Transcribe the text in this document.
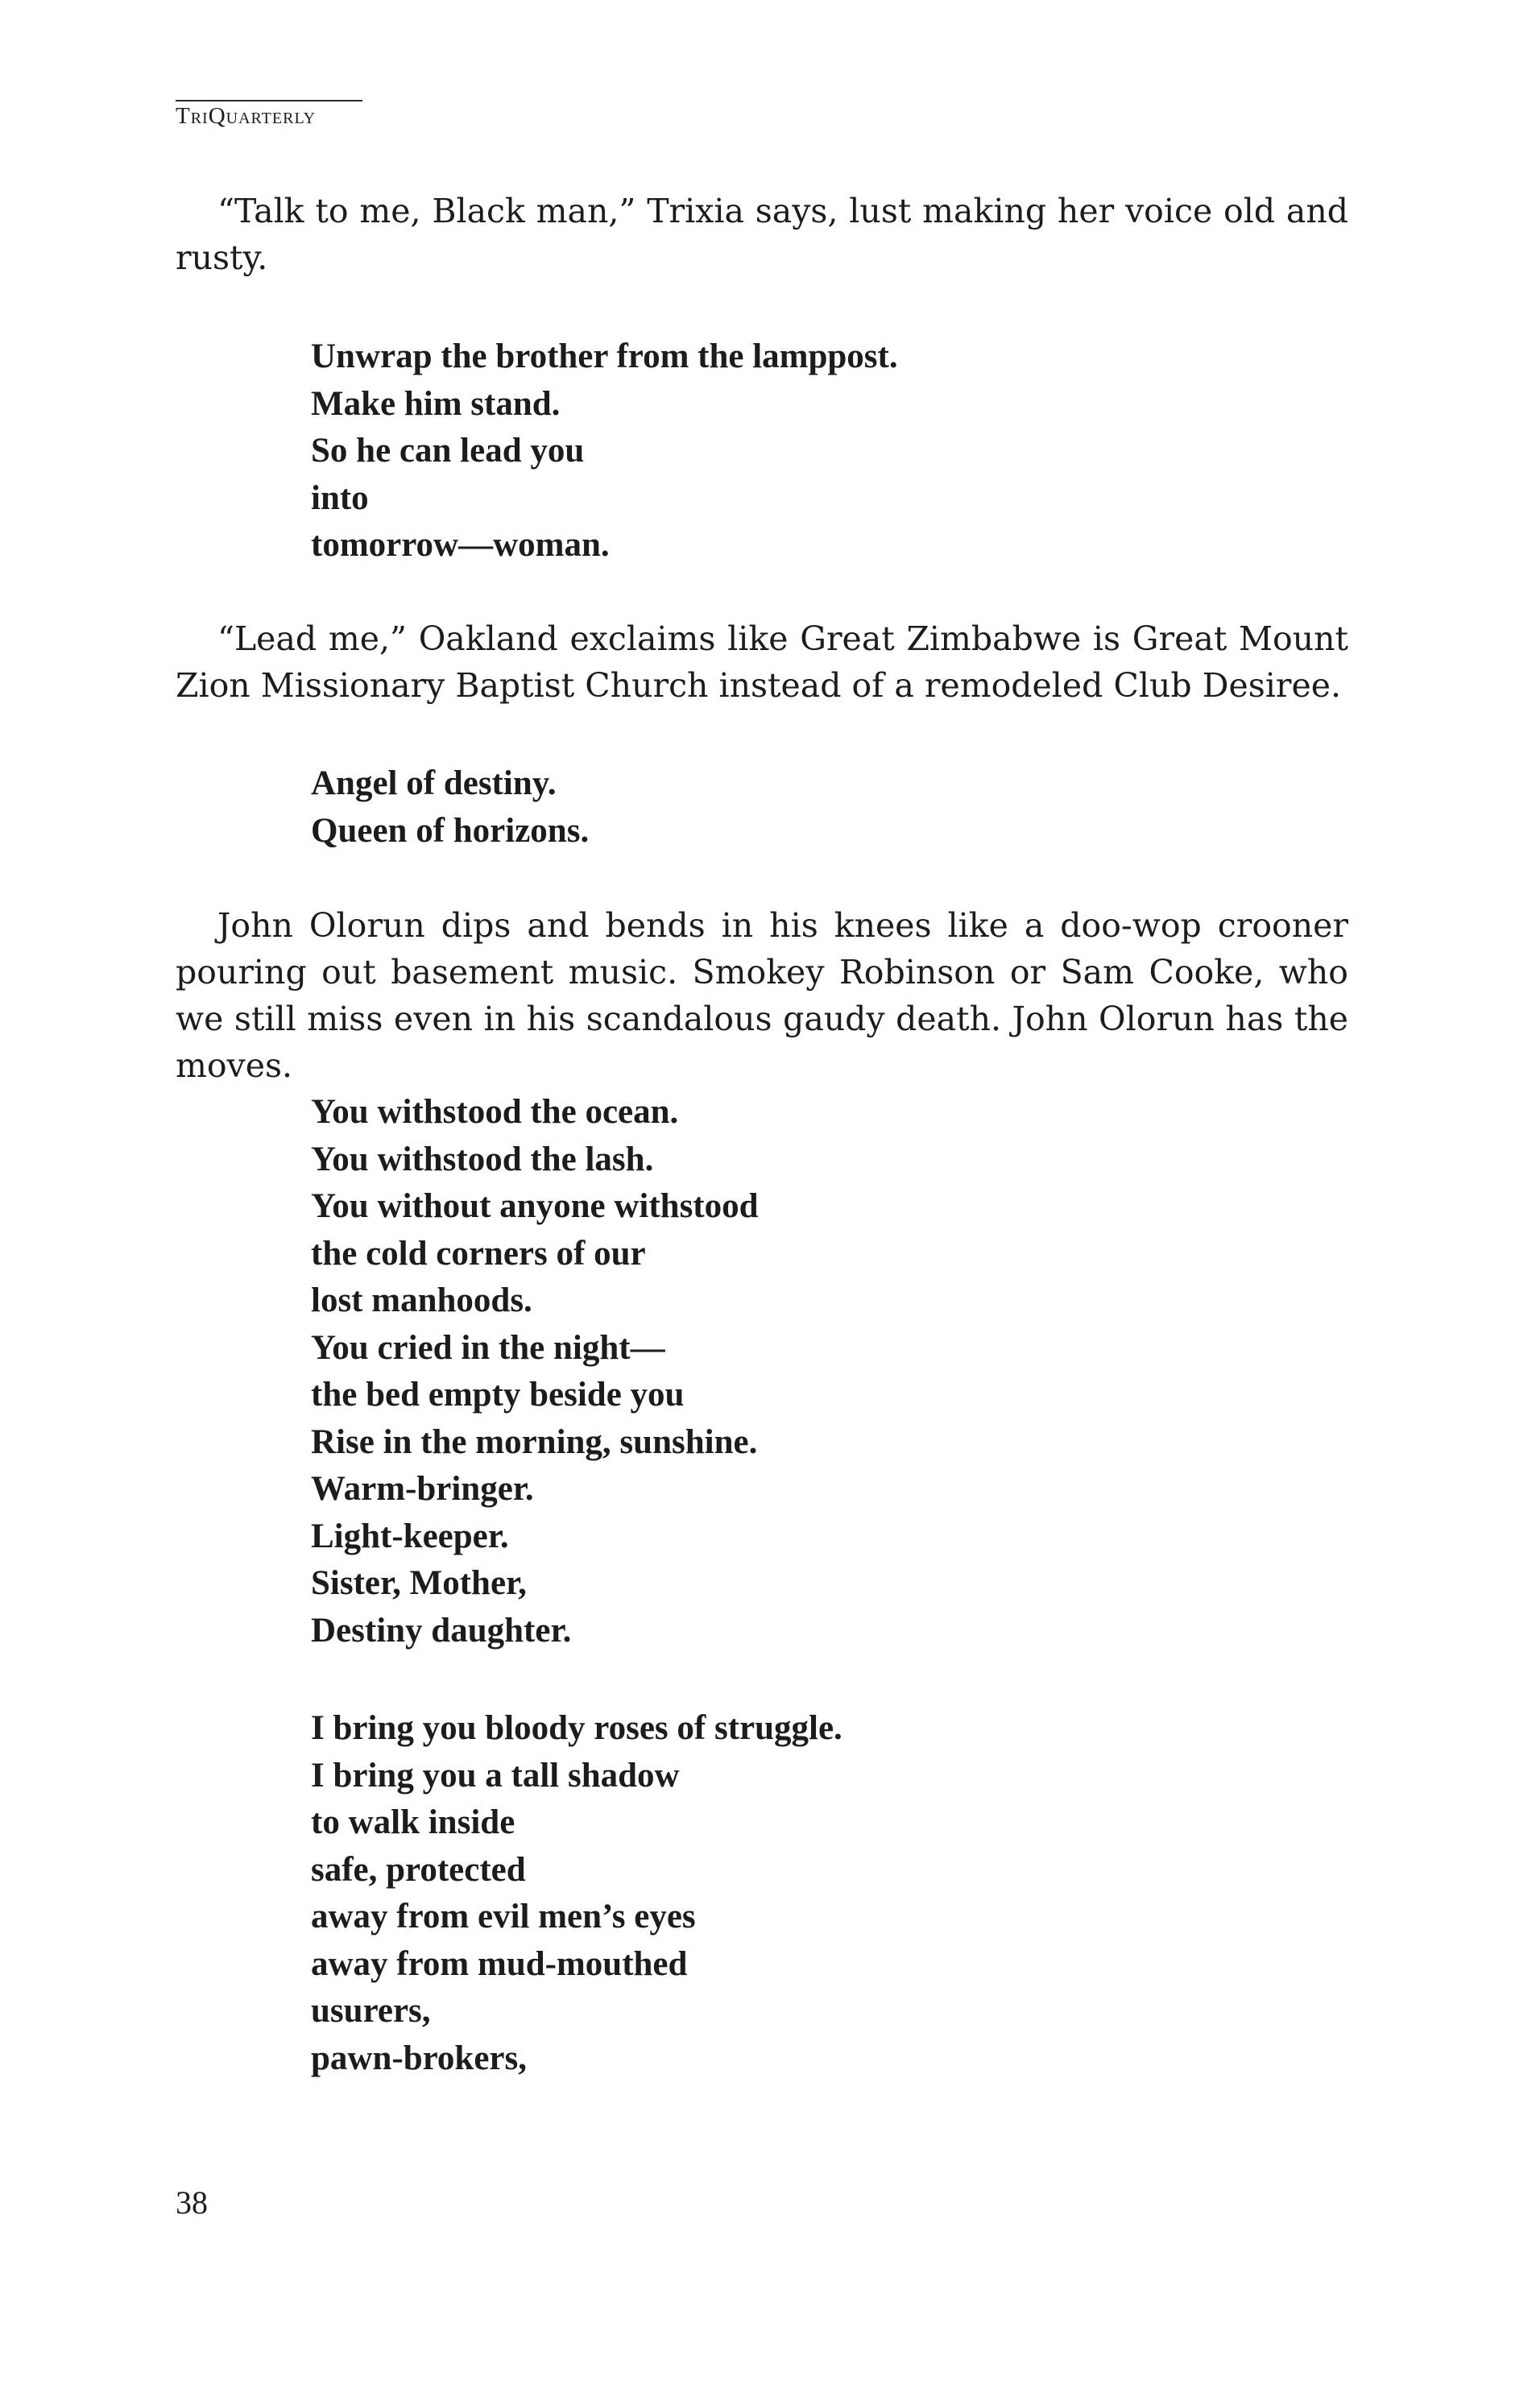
TriQuarterly

“Talk to me, Black man,” Trixia says, lust making her voice old and rusty.

Unwrap the brother from the lamppost.
Make him stand.
So he can lead you
into
tomorrow—woman.

“Lead me,” Oakland exclaims like Great Zimbabwe is Great Mount Zion Missionary Baptist Church instead of a remodeled Club Desiree.

Angel of destiny.
Queen of horizons.

John Olorun dips and bends in his knees like a doo-wop crooner pouring out basement music. Smokey Robinson or Sam Cooke, who we still miss even in his scandalous gaudy death. John Olorun has the moves.

You withstood the ocean.
You withstood the lash.
You without anyone withstood
the cold corners of our
lost manhoods.
You cried in the night—
the bed empty beside you
Rise in the morning, sunshine.
Warm-bringer.
Light-keeper.
Sister, Mother,
Destiny daughter.
I bring you bloody roses of struggle.
I bring you a tall shadow
to walk inside
safe, protected
away from evil men’s eyes
away from mud-mouthed
usurers,
pawn-brokers,
38
